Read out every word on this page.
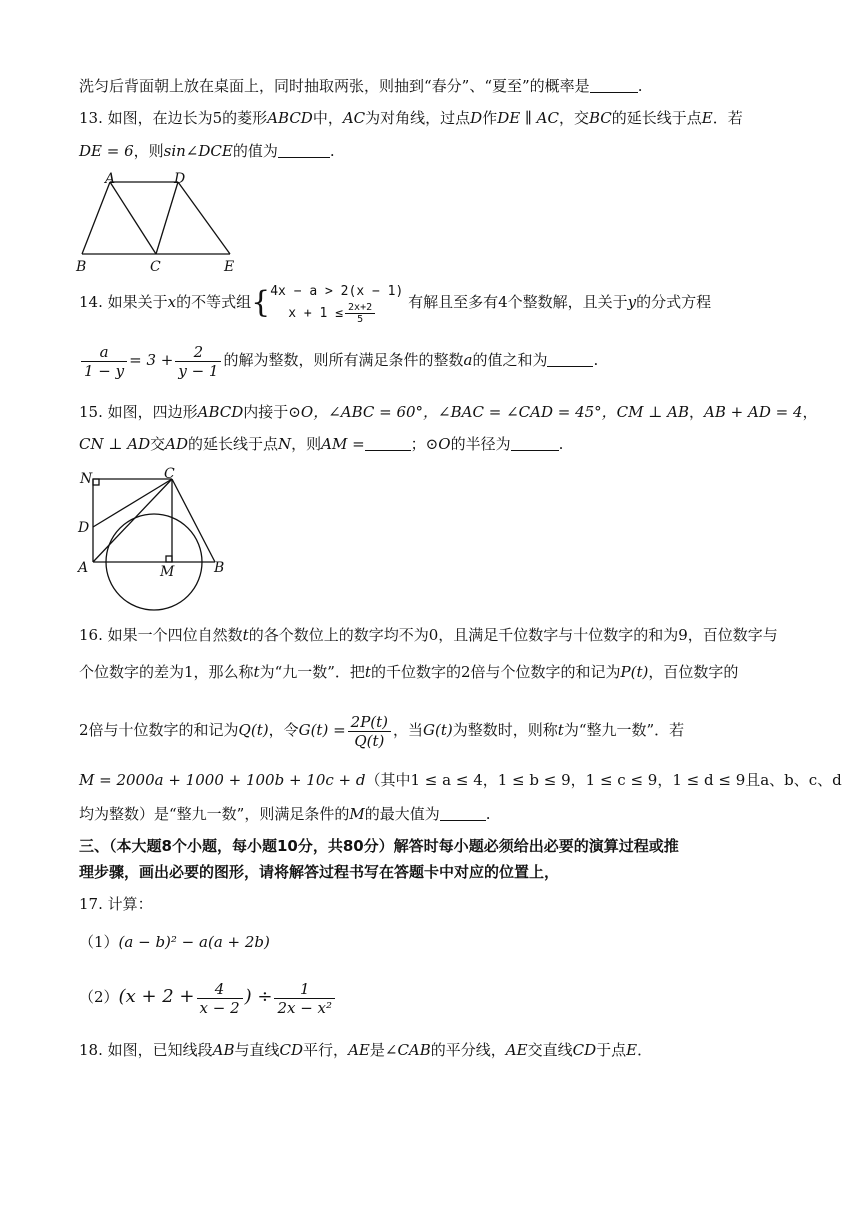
洗匀后背面朝上放在桌面上，同时抽取两张，则抽到“春分”、“夏至”的概率是	.
13. 如图，在边长为5的菱形ABCD中，AC为对角线，过点D作DE ∥ AC，交BC的延长线于点E．若
DE = 6，则sin∠DCE的值为	.
A	D
B	C	E
14. 如果关于x的不等式组{ 4x − a > 2(x − 1)
$x + 1 \le \frac{2x+2}{5}$ 有解且至多有4个整数解，且关于y的分式方程
$\frac{a}{1 - y} = 3 + \frac{2}{y - 1}$ 的解为整数，则所有满足条件的整数a的值之和为	.
15. 如图，四边形ABCD内接于⊙O，∠ABC = 60°，∠BAC = ∠CAD = 45°，CM ⊥ AB，AB + AD = 4，
CN ⊥ AD交AD的延长线于点N，则AM =	；⊙O的半径为	.
N	C
D
A	M	B
16. 如果一个四位自然数t的各个数位上的数字均不为0，且满足千位数字与十位数字的和为9，百位数字与
个位数字的差为1，那么称t为“九一数”．把t的千位数字的2倍与个位数字的和记为P(t)，百位数字的
2倍与十位数字的和记为Q(t)，令$G(t) = \frac{2P(t)}{Q(t)}$ ，当G(t)为整数时，则称t为“整九一数”．若
M = 2000a + 1000 + 100b + 10c + d（其中1 ≤ a ≤ 4，1 ≤ b ≤ 9，1 ≤ c ≤ 9，1 ≤ d ≤ 9且a、b、c、d
均为整数）是“整九一数”，则满足条件的M的最大值为	.
三、（本大题8个小题，每小题10分，共80分）解答时每小题必须给出必要的演算过程或推
理步骤，画出必要的图形，请将解答过程书写在答题卡中对应的位置上，
17. 计算：
（1）(a − b)² − a(a + 2b)
$(2)(x + 2 + \frac{4}{x - 2}$ ) ÷ $\frac{1}{\text{2x − x²}}$
18. 如图，已知线段AB与直线CD平行，AE是∠CAB的平分线，AE交直线CD于点E．
